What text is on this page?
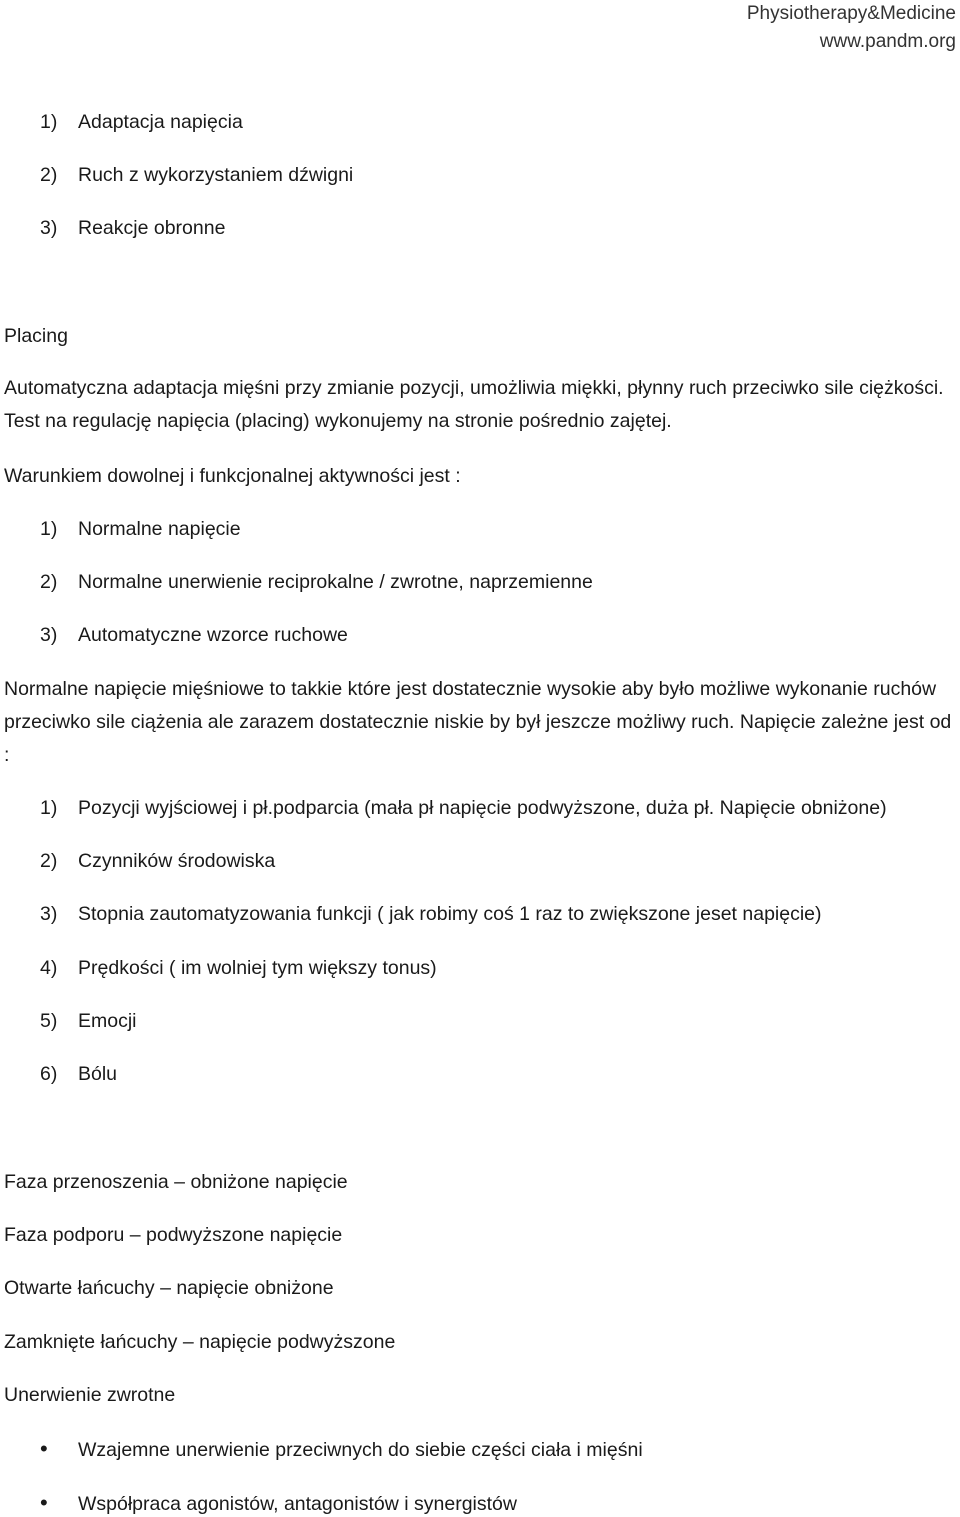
Physiotherapy&Medicine
www.pandm.org
1) Adaptacja napięcia
2) Ruch z wykorzystaniem dźwigni
3) Reakcje obronne
Placing
Automatyczna adaptacja mięśni przy zmianie pozycji, umożliwia miękki, płynny ruch przeciwko sile ciężkości. Test na regulację napięcia (placing) wykonujemy na stronie pośrednio zajętej.
Warunkiem dowolnej i funkcjonalnej aktywności jest :
1) Normalne napięcie
2) Normalne unerwienie reciprokalne / zwrotne, naprzemienne
3) Automatyczne wzorce ruchowe
Normalne napięcie mięśniowe to takkie które jest dostatecznie wysokie aby było możliwe wykonanie ruchów przeciwko sile ciążenia ale zarazem dostatecznie niskie by był jeszcze możliwy ruch. Napięcie zależne jest od :
1) Pozycji wyjściowej i pł.podparcia (mała pł napięcie podwyższone, duża pł. Napięcie obniżone)
2) Czynników środowiska
3) Stopnia zautomatyzowania funkcji ( jak robimy coś 1 raz to zwiększone jeset napięcie)
4) Prędkości ( im wolniej tym większy tonus)
5) Emocji
6) Bólu
Faza przenoszenia – obniżone napięcie
Faza podporu – podwyższone napięcie
Otwarte łańcuchy – napięcie obniżone
Zamknięte łańcuchy – napięcie podwyższone
Unerwienie zwrotne
• Wzajemne unerwienie przeciwnych do siebie części ciała i mięśni
• Współpraca agonistów, antagonistów i synergistów
